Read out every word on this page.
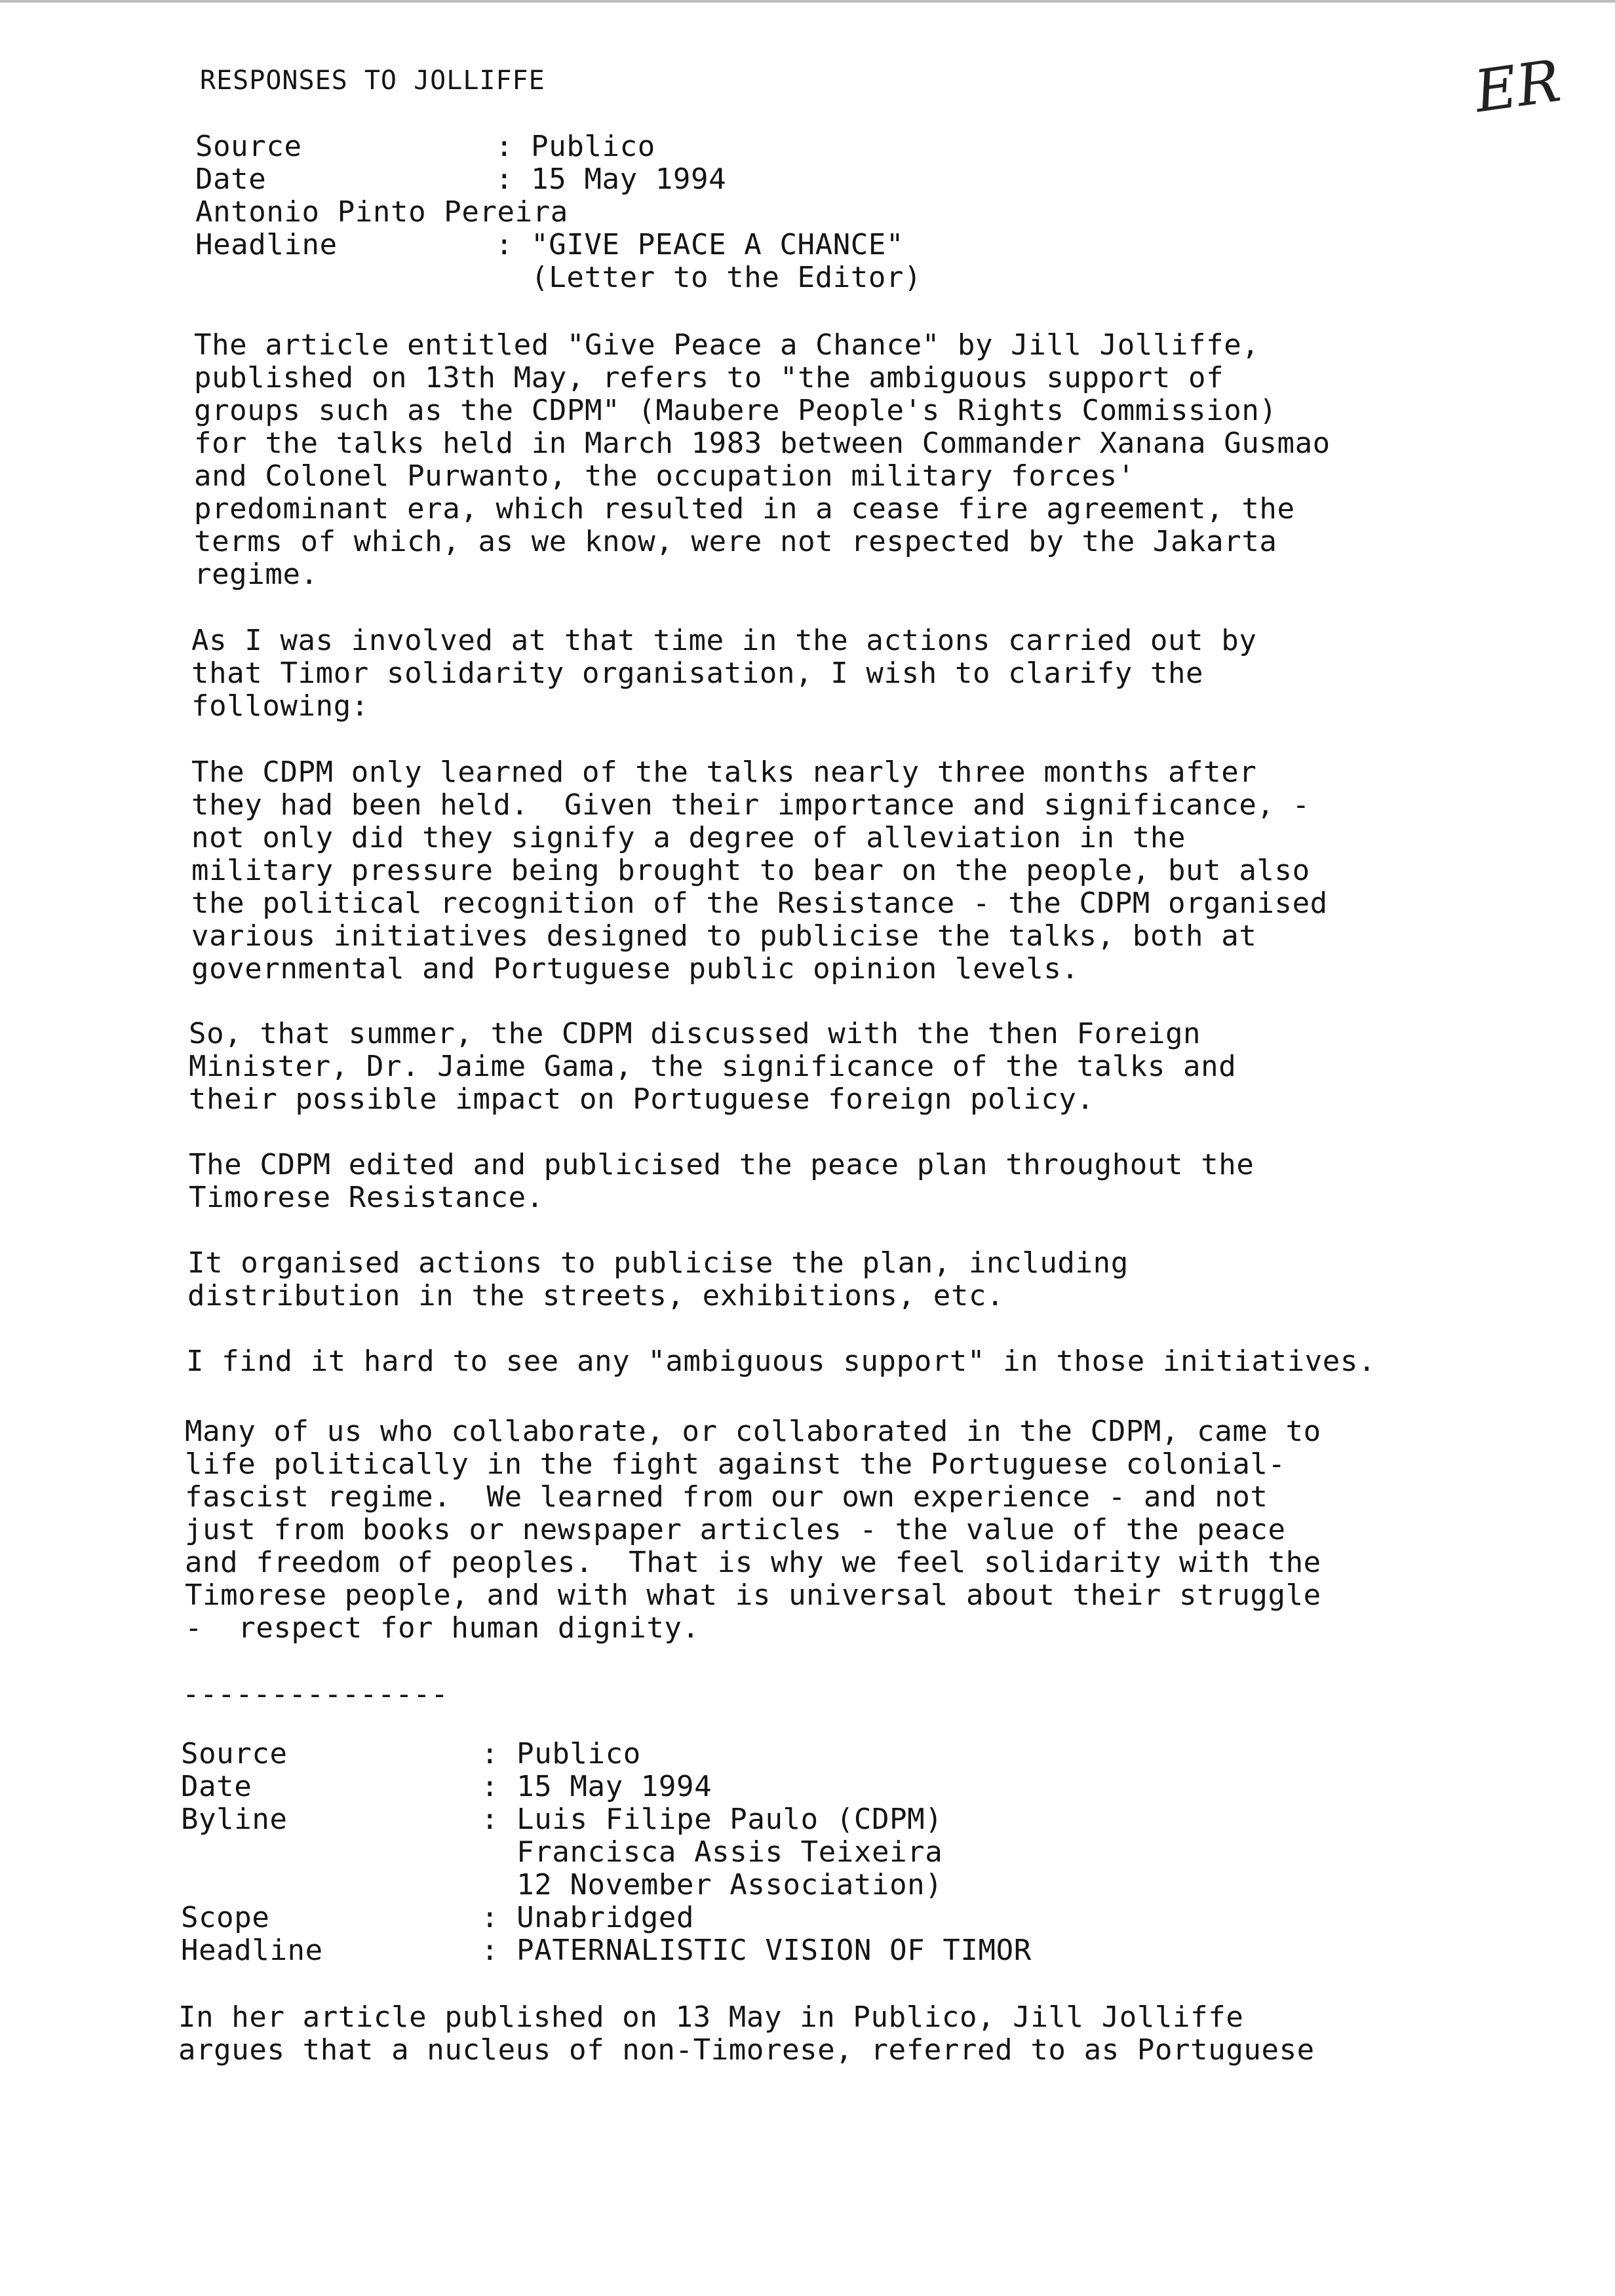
RESPONSES TO JOLLIFFE	ER
Source	: Publico
Date	: 15 May 1994
Antonio Pinto Pereira
Headline	: "GIVE PEACE A CHANCE"
(Letter to the Editor)
The article entitled "Give Peace a Chance" by Jill Jolliffe,
published on 13th May, refers to "the ambiguous support of
groups such as the CDPM" (Maubere People's Rights Commission)
for the talks held in March 1983 between Commander Xanana Gusmao
and Colonel Purwanto, the occupation military forces'
predominant era, which resulted in a cease fire agreement, the
terms of which, as we know, were not respected by the Jakarta
regime.
As I was involved at that time in the actions carried out by
that Timor solidarity organisation, I wish to clarify the
following:
The CDPM only learned of the talks nearly three months after
they had been held.  Given their importance and significance, -
not only did they signify a degree of alleviation in the
military pressure being brought to bear on the people, but also
the political recognition of the Resistance - the CDPM organised
various initiatives designed to publicise the talks, both at
governmental and Portuguese public opinion levels.
So, that summer, the CDPM discussed with the then Foreign
Minister, Dr. Jaime Gama, the significance of the talks and
their possible impact on Portuguese foreign policy.
The CDPM edited and publicised the peace plan throughout the
Timorese Resistance.
It organised actions to publicise the plan, including
distribution in the streets, exhibitions, etc.
I find it hard to see any "ambiguous support" in those initiatives.
Many of us who collaborate, or collaborated in the CDPM, came to
life politically in the fight against the Portuguese colonial-
fascist regime.  We learned from our own experience - and not
just from books or newspaper articles - the value of the peace
and freedom of peoples.  That is why we feel solidarity with the
Timorese people, and with what is universal about their struggle
-  respect for human dignity.
---------------
Source	: Publico
Date	: 15 May 1994
Byline	: Luis Filipe Paulo (CDPM)
Francisca Assis Teixeira
12 November Association)
Scope	: Unabridged
Headline	: PATERNALISTIC VISION OF TIMOR
In her article published on 13 May in Publico, Jill Jolliffe
argues that a nucleus of non-Timorese, referred to as Portuguese
